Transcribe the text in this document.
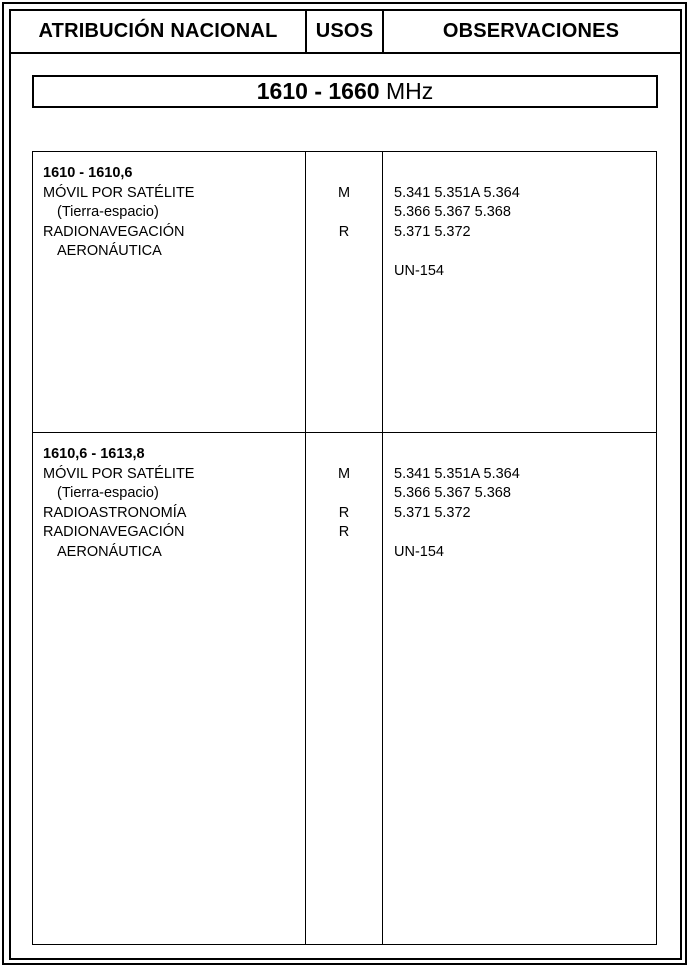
ATRIBUCIÓN NACIONAL	USOS	OBSERVACIONES
1610
-
1660
MHz
1610 - 1610,6
MÓVIL POR SATÉLITE
(Tierra-espacio)
RADIONAVEGACIÓN
AERONÁUTICA
M
R
5.341 5.351A 5.364
5.366 5.367 5.368
5.371 5.372
UN-154
1610,6 - 1613,8
MÓVIL POR SATÉLITE
(Tierra-espacio)
RADIOASTRONOMÍA
RADIONAVEGACIÓN
AERONÁUTICA
M
R
R
5.341 5.351A 5.364
5.366 5.367 5.368
5.371 5.372
UN-154
